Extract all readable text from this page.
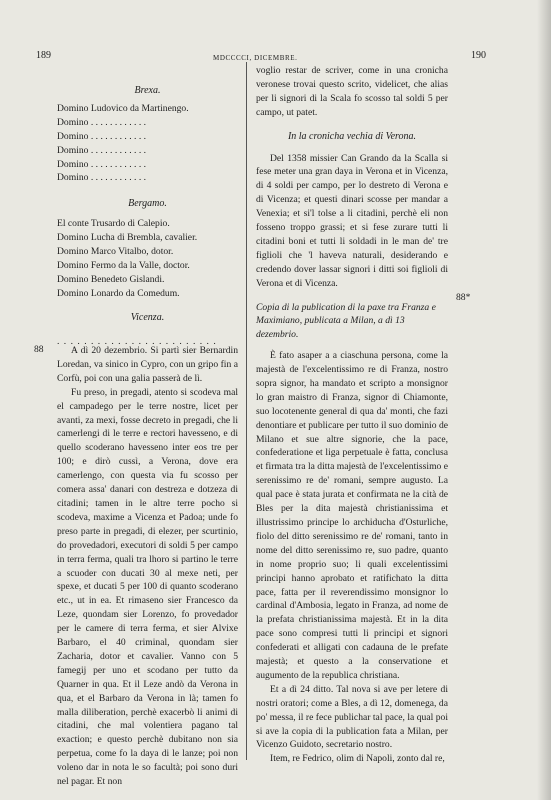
189	MDCCCCI, DICEMBRE.	190
Brexa.
Domino Ludovico da Martinengo.
Domino . . . . . . . . . . . .
Domino . . . . . . . . . . . .
Domino . . . . . . . . . . . .
Domino . . . . . . . . . . . .
Domino . . . . . . . . . . . .
Bergamo.
El conte Trusardo di Calepio.
Domino Lucha di Brembla, cavalier.
Domino Marco Vitalbo, dotor.
Domino Fermo da la Valle, doctor.
Domino Benedeto Gislandi.
Domino Lonardo da Comedum.
Vicenza.
. . . . . . . . . . . . . . . . . . . . . . . .
88	A dì 20 dezembrio. Si partì sier Bernardin Loredan, va sinico in Cypro, con un gripo fin a Corfù, poi con una galia passerà de lì.

Fu preso, in pregadi, atento si scodeva mal el campadego per le terre nostre, licet per avanti, za mexi, fosse decreto in pregadi, che li camerlengi di le terre e rectori havesseno, e di quello scoderano havesseno inter eos tre per 100; e dirò cussì, a Verona, dove era camerlengo, con questa via fu scosso per comera assa' danari con destreza e dotzeza di citadini; tamen in le altre terre pocho si scodeva, maxime a Vicenza et Padoa; unde fo preso parte in pregadi, di elezer, per scurtinio, do provedadori, executori di soldi 5 per campo in terra ferma, quali tra lhoro si partino le terre a scuoder con ducati 30 al mexe neti, per spexe, et ducati 5 per 100 di quanto scoderano etc., ut in ea. Et rimaseno sier Francesco da Leze, quondam sier Lorenzo, fo provedador per le camere di terra ferma, et sier Alvixe Barbaro, el 40 criminal, quondam sier Zacharia, dotor et cavalier. Vanno con 5 famegij per uno et scodano per tutto da Quarner in qua. Et il Leze andò da Verona in qua, et el Barbaro da Verona in là; tamen fo malla diliberation, perchè exacerbò li animi di citadini, che mal volentiera pagano tal exaction; e questo perchè dubitano non sia perpetua, come fo la daya di le lanze; poi non voleno dar in nota le so facultà; poi sono duri nel pagar. Et non

voglio restar de scriver, come in una cronicha veronese trovai questo scrito, videlicet, che alias per li signori di la Scala fo scosso tal soldi 5 per campo, ut patet.

In la cronicha vechia di Verona.

Del 1358 missier Can Grando da la Scalla si fese meter una gran daya in Verona et in Vicenza, di 4 soldi per campo, per lo destreto di Verona e di Vicenza; et questi dinari scosse per mandar a Venexia; et si'l tolse a li citadini, perchè eli non fosseno troppo grassi; et si fese zurare tutti li citadini boni et tutti li soldadi in le man de' tre figlioli che 'l haveva naturali, desiderando e credendo dover lassar signori i ditti soi figlioli di Verona et di Vicenza.

Copia di la publication di la paxe tra Franza e Maximiano, publicata a Milan, a dì 13 dezembrio.

È fato asaper a a ciaschuna persona, come la majestà de l'excelentissimo re di Franza, nostro sopra signor, ha mandato et scripto a monsignor lo gran maistro di Franza, signor di Chiamonte, suo locotenente general di qua da' monti, che fazi denontiare et publicare per tutto il suo dominio de Milano et sue altre signorie, che la pace, confederatione et liga perpetuale è fatta, conclusa et firmata tra la ditta majestà de l'excelentissimo e serenissimo re de' romani, sempre augusto. La qual pace è stata jurata et confirmata ne la cità de Bles per la dita majestà christianissima et illustrissimo principe lo archiducha d'Osturliche, fiolo del ditto serenissimo re de' romani, tanto in nome del ditto serenissimo re, suo padre, quanto in nome proprio suo; li quali excelentissimi principi hanno aprobato et ratifichato la ditta pace, fatta per il reverendissimo monsignor lo cardinal d'Ambosia, legato in Franza, ad nome de la prefata christianissima majestà. Et in la dita pace sono compresi tutti li principi et signori confederati et alligati con cadauna de le prefate majestà; et questo a la conservatione et augumento de la republica christiana.

Et a dì 24 ditto. Tal nova si ave per letere di nostri oratori; come a Bles, a dì 12, domenega, da po' messa, il re fece publichar tal pace, la qual poi si ave la copia di la publication fata a Milan, per Vicenzo Guidoto, secretario nostro.

Item, re Fedrico, olim di Napoli, zonto dal re,

88*
